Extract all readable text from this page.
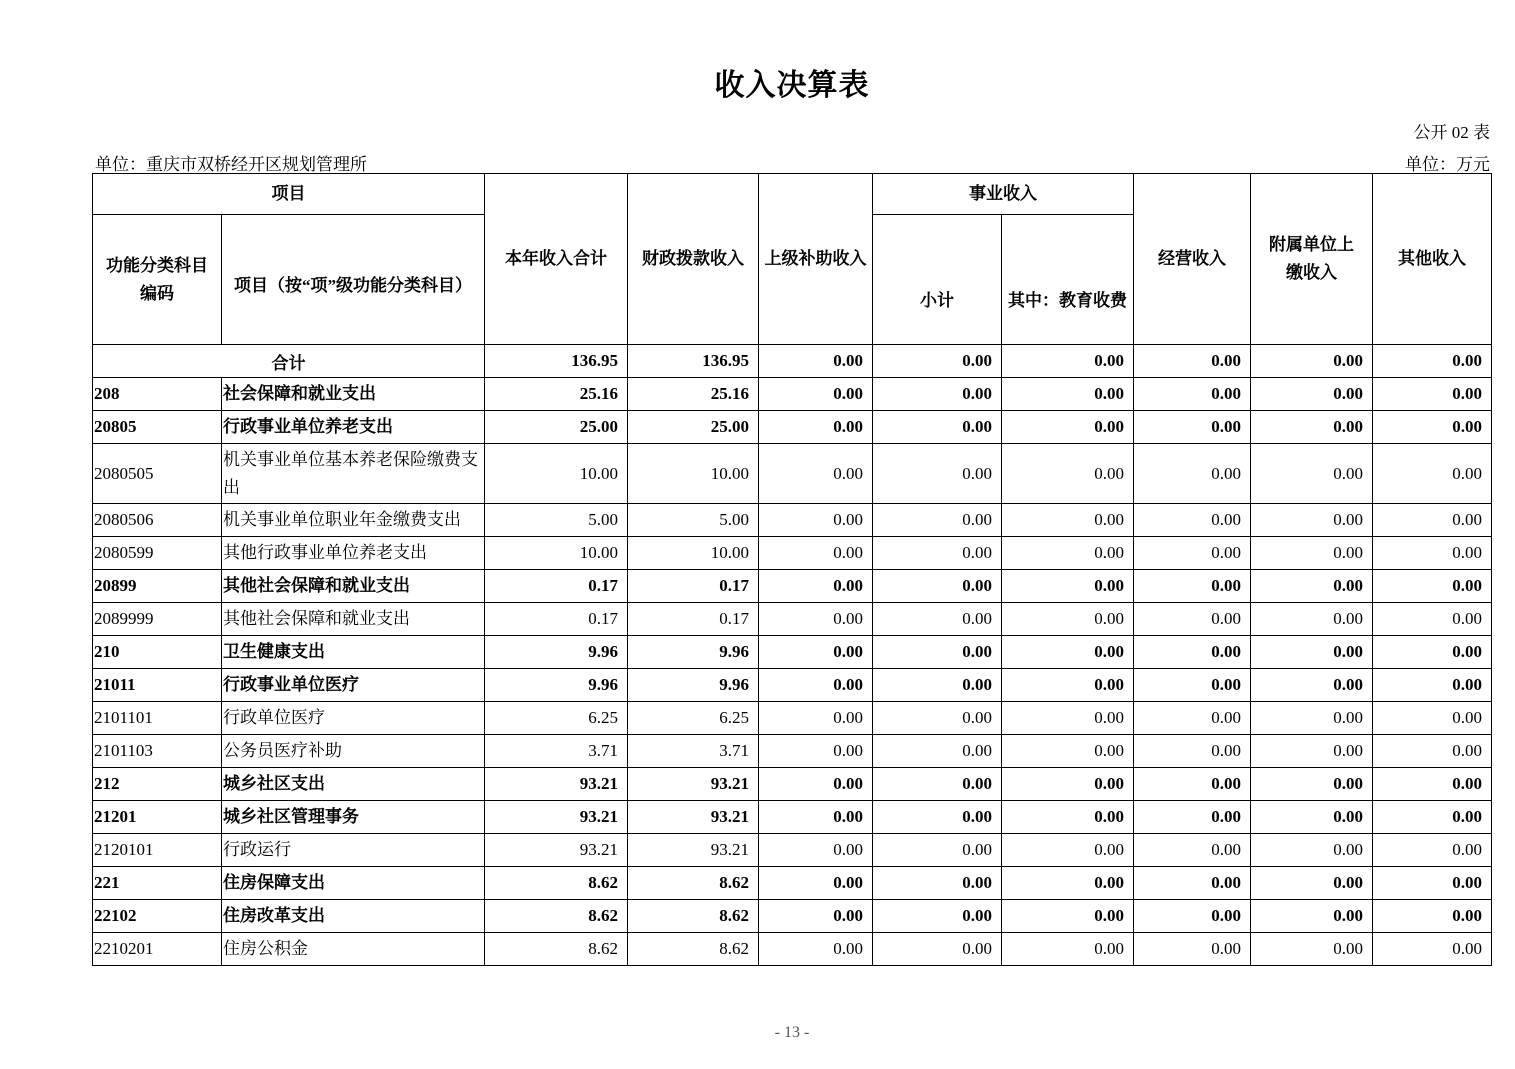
收入决算表
公开 02 表
单位：重庆市双桥经开区规划管理所	单位：万元
项目		本年收入合计	财政拨款收入	上级补助收入	事业收入		经营收入	附属单位上缴收入	其他收入
功能分类科目编码	项目（按“项”级功能分类科目）				小计	其中：教育收费			
合计		136.95	136.95	0.00	0.00	0.00	0.00	0.00	0.00
208	社会保障和就业支出	25.16	25.16	0.00	0.00	0.00	0.00	0.00	0.00
20805	行政事业单位养老支出	25.00	25.00	0.00	0.00	0.00	0.00	0.00	0.00
2080505	机关事业单位基本养老保险缴费支出	10.00	10.00	0.00	0.00	0.00	0.00	0.00	0.00
2080506	机关事业单位职业年金缴费支出	5.00	5.00	0.00	0.00	0.00	0.00	0.00	0.00
2080599	其他行政事业单位养老支出	10.00	10.00	0.00	0.00	0.00	0.00	0.00	0.00
20899	其他社会保障和就业支出	0.17	0.17	0.00	0.00	0.00	0.00	0.00	0.00
2089999	其他社会保障和就业支出	0.17	0.17	0.00	0.00	0.00	0.00	0.00	0.00
210	卫生健康支出	9.96	9.96	0.00	0.00	0.00	0.00	0.00	0.00
21011	行政事业单位医疗	9.96	9.96	0.00	0.00	0.00	0.00	0.00	0.00
2101101	行政单位医疗	6.25	6.25	0.00	0.00	0.00	0.00	0.00	0.00
2101103	公务员医疗补助	3.71	3.71	0.00	0.00	0.00	0.00	0.00	0.00
212	城乡社区支出	93.21	93.21	0.00	0.00	0.00	0.00	0.00	0.00
21201	城乡社区管理事务	93.21	93.21	0.00	0.00	0.00	0.00	0.00	0.00
2120101	行政运行	93.21	93.21	0.00	0.00	0.00	0.00	0.00	0.00
221	住房保障支出	8.62	8.62	0.00	0.00	0.00	0.00	0.00	0.00
22102	住房改革支出	8.62	8.62	0.00	0.00	0.00	0.00	0.00	0.00
2210201	住房公积金	8.62	8.62	0.00	0.00	0.00	0.00	0.00	0.00
- 13 -
